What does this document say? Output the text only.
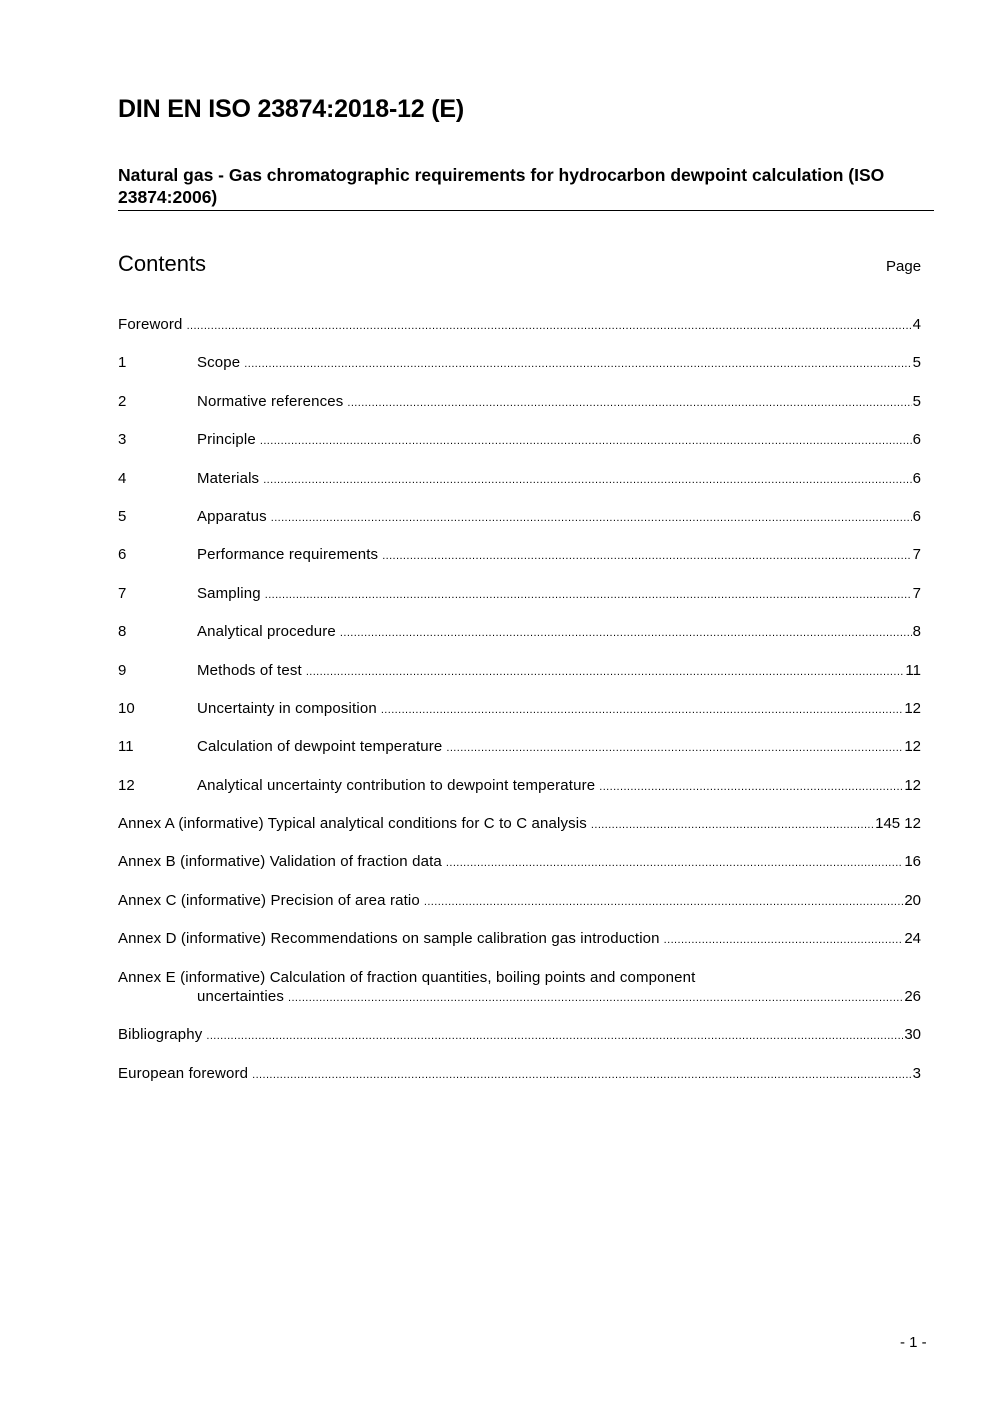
DIN EN ISO 23874:2018-12 (E)
Natural gas - Gas chromatographic requirements for hydrocarbon dewpoint calculation (ISO 23874:2006)
Contents	Page
Foreword .....	4
1	Scope .....	5
2	Normative references .....	5
3	Principle .....	6
4	Materials .....	6
5	Apparatus .....	6
6	Performance requirements .....	7
7	Sampling .....	7
8	Analytical procedure .....	8
9	Methods of test .....	11
10	Uncertainty in composition .....	12
11	Calculation of dewpoint temperature .....	12
12	Analytical uncertainty contribution to dewpoint temperature .....	12
Annex A (informative) Typical analytical conditions for C to C analysis .....	145 12
Annex B (informative) Validation of fraction data .....	16
Annex C (informative) Precision of area ratio .....	20
Annex D (informative) Recommendations on sample calibration gas introduction .....	24
Annex E (informative) Calculation of fraction quantities, boiling points and component
uncertainties .....	26
Bibliography .....	30
European foreword .....	3
- 1 -
